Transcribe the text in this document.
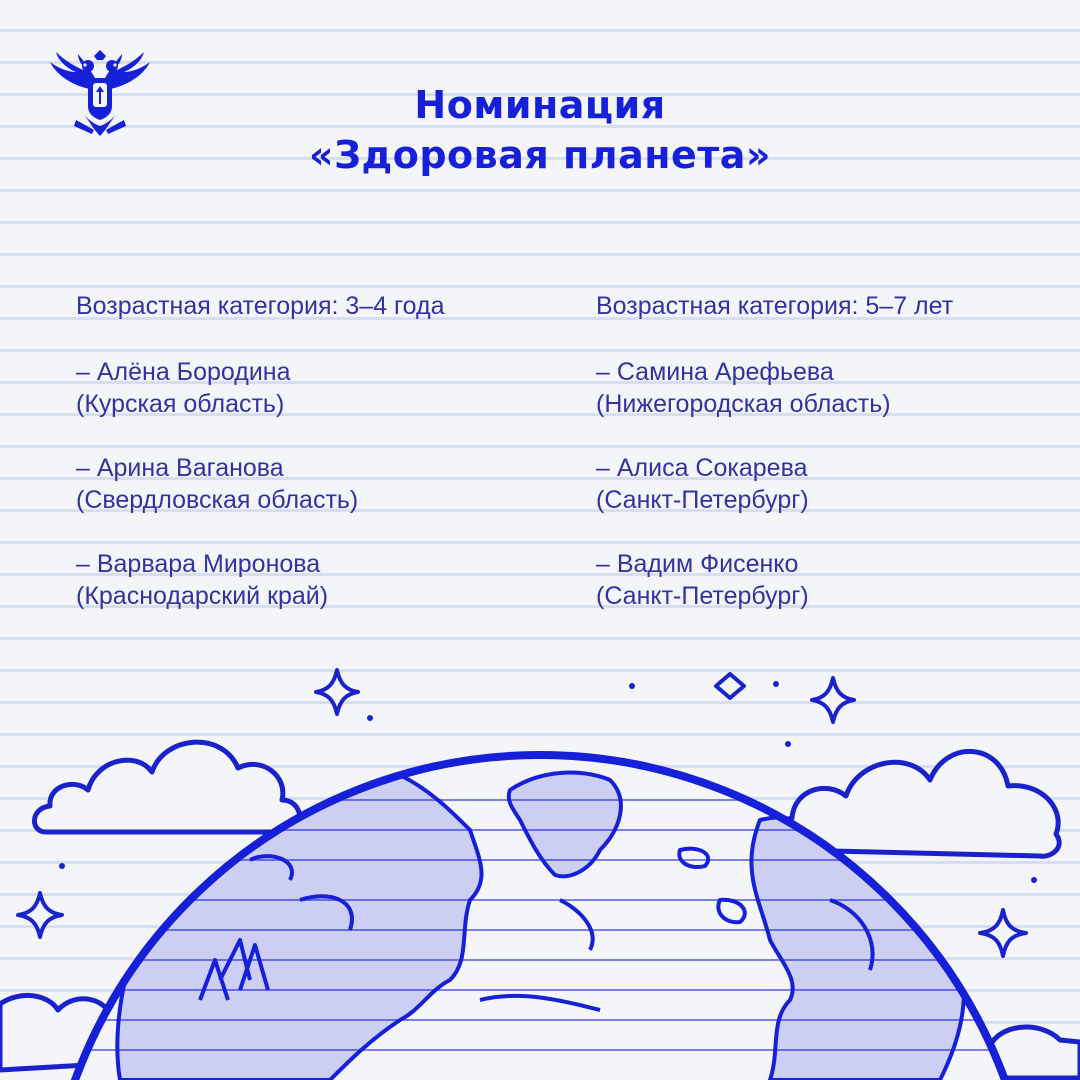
Номинация
«Здоровая планета»
Возрастная категория: 3–4 года
– Алёна Бородина
(Курская область)
– Арина Ваганова
(Свердловская область)
– Варвара Миронова
(Краснодарский край)
Возрастная категория: 5–7 лет
– Самина Арефьева
(Нижегородская область)
– Алиса Сокарева
(Санкт-Петербург)
– Вадим Фисенко
(Санкт-Петербург)
